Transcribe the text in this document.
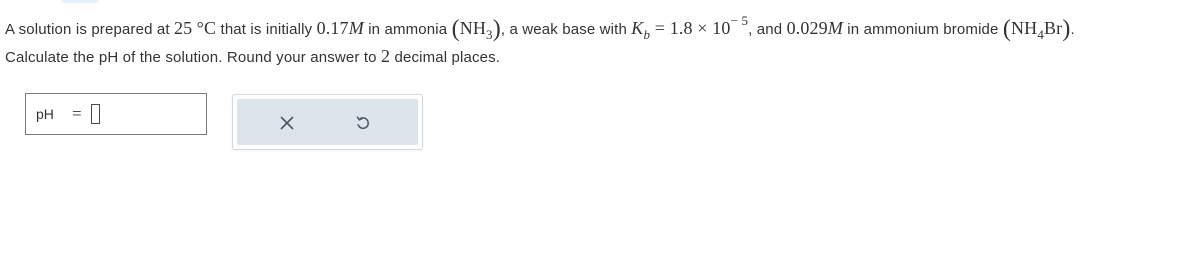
A solution is prepared at 25 °C that is initially 0.17M in ammonia (NH3), a weak base with $K_b = 1.8 \times 10^{- 5}$, and 0.029M in ammonium bromide (NH4Br).
Calculate the pH of the solution. Round your answer to 2 decimal places.
pH =
